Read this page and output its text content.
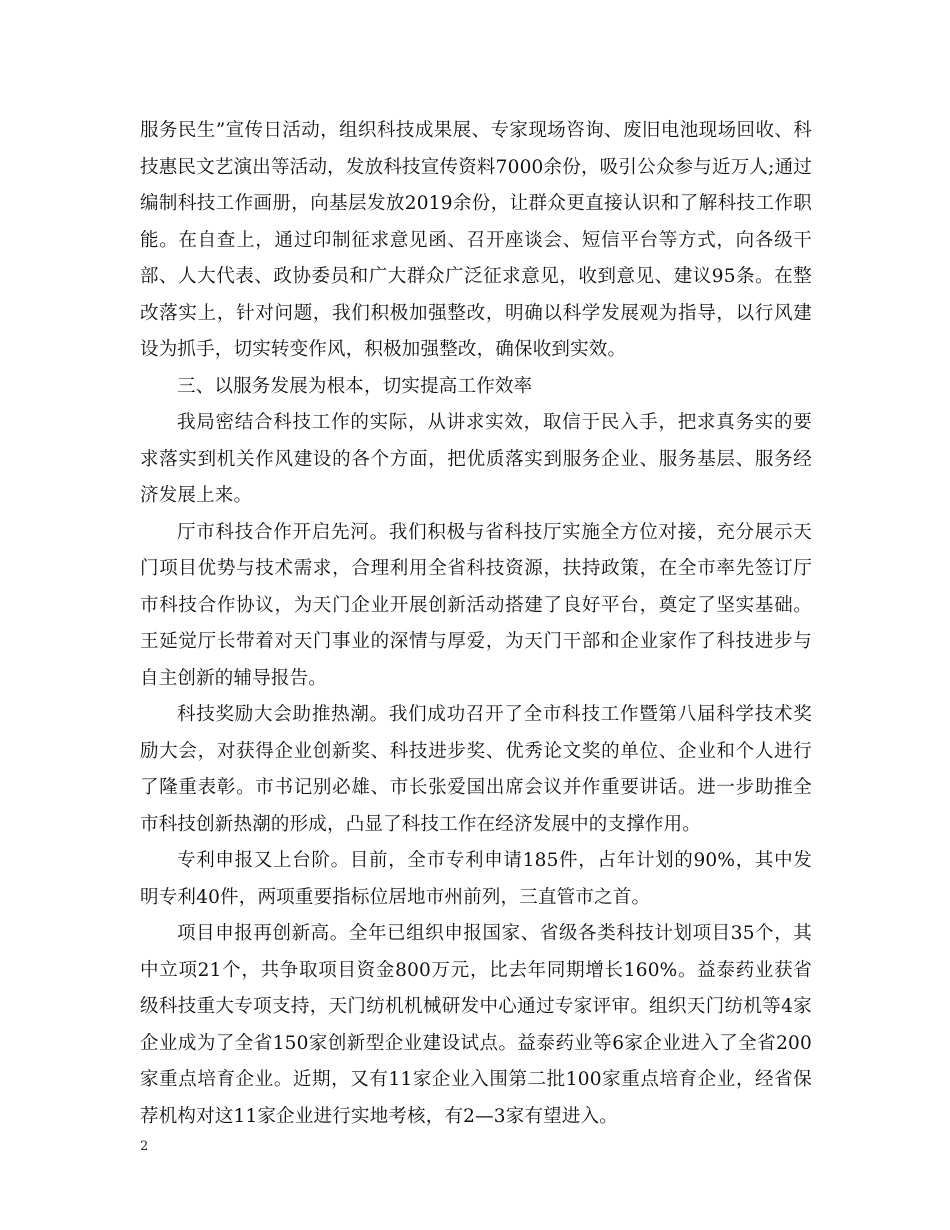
服务民生”宣传日活动，组织科技成果展、专家现场咨询、废旧电池现场回收、科技惠民文艺演出等活动，发放科技宣传资料7000余份，吸引公众参与近万人;通过编制科技工作画册，向基层发放2019余份，让群众更直接认识和了解科技工作职能。在自查上，通过印制征求意见函、召开座谈会、短信平台等方式，向各级干部、人大代表、政协委员和广大群众广泛征求意见，收到意见、建议95条。在整改落实上，针对问题，我们积极加强整改，明确以科学发展观为指导，以行风建设为抓手，切实转变作风，积极加强整改，确保收到实效。

三、以服务发展为根本，切实提高工作效率

我局密结合科技工作的实际，从讲求实效，取信于民入手，把求真务实的要求落实到机关作风建设的各个方面，把优质落实到服务企业、服务基层、服务经济发展上来。

厅市科技合作开启先河。我们积极与省科技厅实施全方位对接，充分展示天门项目优势与技术需求，合理利用全省科技资源，扶持政策，在全市率先签订厅市科技合作协议，为天门企业开展创新活动搭建了良好平台，奠定了坚实基础。王延觉厅长带着对天门事业的深情与厚爱，为天门干部和企业家作了科技进步与自主创新的辅导报告。

科技奖励大会助推热潮。我们成功召开了全市科技工作暨第八届科学技术奖励大会，对获得企业创新奖、科技进步奖、优秀论文奖的单位、企业和个人进行了隆重表彰。市书记别必雄、市长张爱国出席会议并作重要讲话。进一步助推全市科技创新热潮的形成，凸显了科技工作在经济发展中的支撑作用。

专利申报又上台阶。目前，全市专利申请185件，占年计划的90%，其中发明专利40件，两项重要指标位居地市州前列，三直管市之首。

项目申报再创新高。全年已组织申报国家、省级各类科技计划项目35个，其中立项21个，共争取项目资金800万元，比去年同期增长160%。益泰药业获省级科技重大专项支持，天门纺机机械研发中心通过专家评审。组织天门纺机等4家企业成为了全省150家创新型企业建设试点。益泰药业等6家企业进入了全省200家重点培育企业。近期，又有11家企业入围第二批100家重点培育企业，经省保荐机构对这11家企业进行实地考核，有2—3家有望进入。

2
